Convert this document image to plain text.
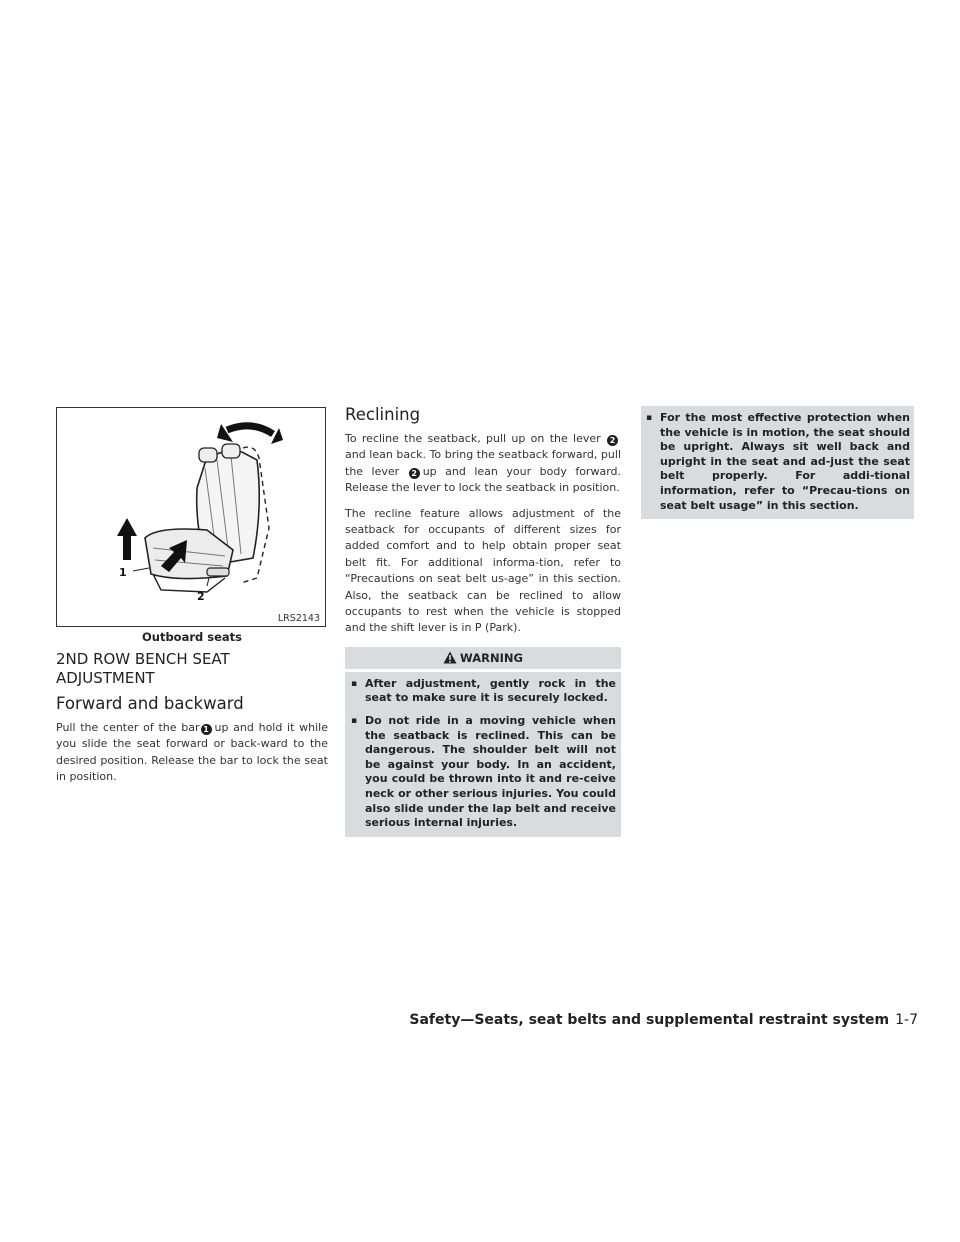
1
2
LRS2143
Outboard seats
2ND ROW BENCH SEAT ADJUSTMENT
Forward and backward

Pull the center of the bar 1 up and hold it while you slide the seat forward or back-ward to the desired position. Release the bar to lock the seat in position.

Reclining

To recline the seatback, pull up on the lever 2and lean back. To bring the seatback forward, pull the lever 2 up and lean your body forward. Release the lever to lock the seatback in position.

The recline feature allows adjustment of the seatback for occupants of different sizes for added comfort and to help obtain proper seat belt fit. For additional informa-tion, refer to “Precautions on seat belt us-age” in this section. Also, the seatback can be reclined to allow occupants to rest when the vehicle is stopped and the shift lever is in P (Park).

WARNING
▪ After adjustment, gently rock in the seat to make sure it is securely locked.
▪ Do not ride in a moving vehicle when the seatback is reclined. This can be dangerous. The shoulder belt will not be against your body. In an accident, you could be thrown into it and re-ceive neck or other serious injuries. You could also slide under the lap belt and receive serious internal injuries.
▪ For the most effective protection when the vehicle is in motion, the seat should be upright. Always sit well back and upright in the seat and ad-just the seat belt properly. For addi-tional information, refer to “Precau-tions on seat belt usage” in this section.
Safety—Seats, seat belts and supplemental restraint system 1-7
